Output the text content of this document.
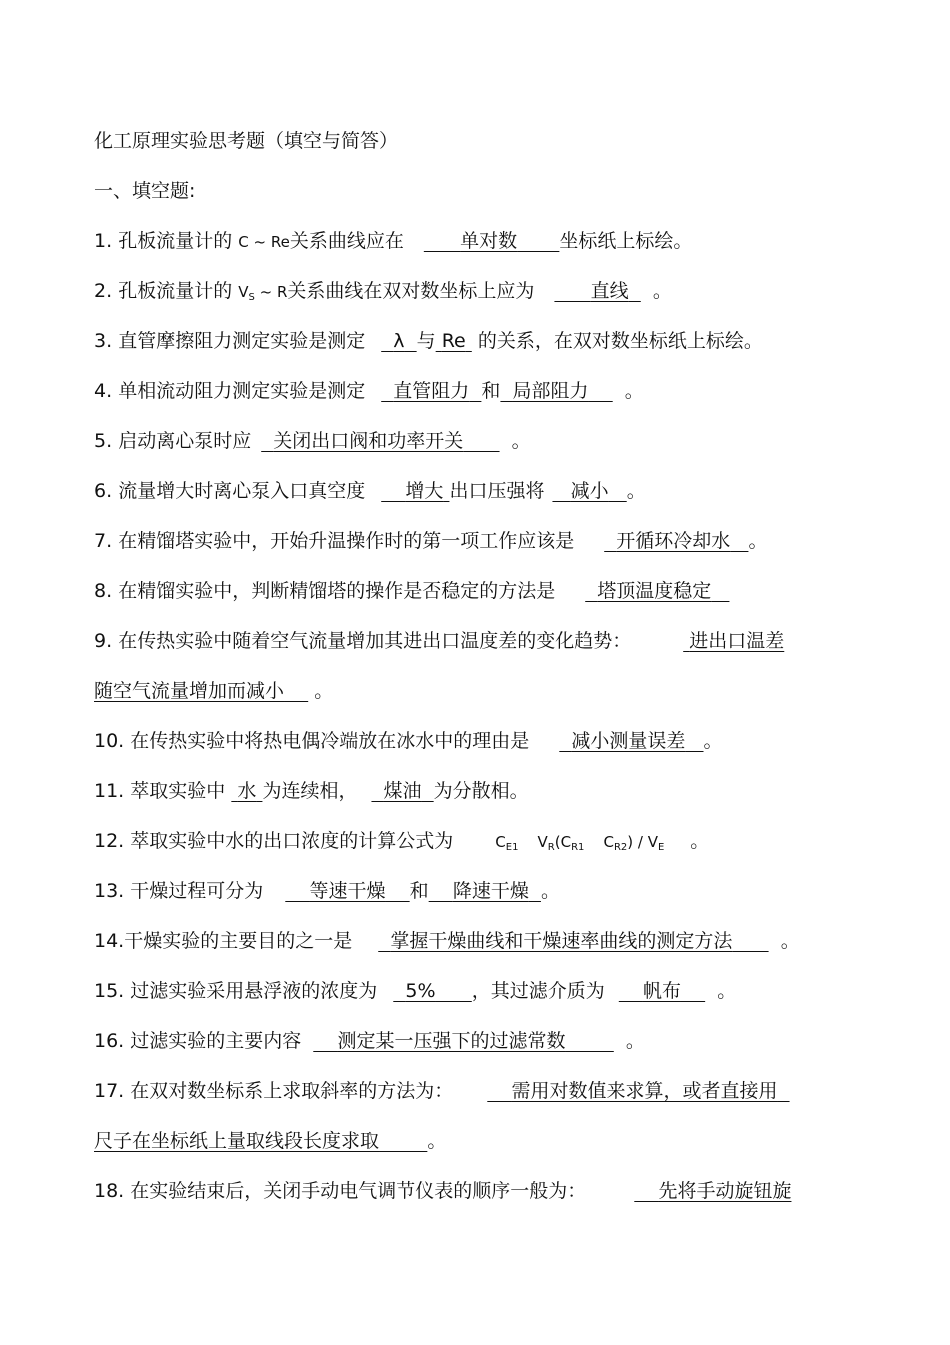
化工原理实验思考题（填空与简答）
一、填空题:
1. 孔板流量计的 C ~ Re关系曲线应在	单对数 坐标纸上标绘。
2. 孔板流量计的 $V_S$ ~ R关系曲线在双对数坐标上应为	直线 。
3. 直管摩擦阻力测定实验是测定 λ 与 Re 的关系，在双对数坐标纸上标绘。
4. 单相流动阻力测定实验是测定 直管阻力 和 局部阻力 。
5. 启动离心泵时应 关闭出口阀和功率开关	。
6. 流量增大时离心泵入口真空度 增大 出口压强将 减小 。
7. 在精馏塔实验中，开始升温操作时的第一项工作应该是 开循环冷却水 。
8. 在精馏实验中，判断精馏塔的操作是否稳定的方法是 塔顶温度稳定
9. 在传热实验中随着空气流量增加其进出口温度差的变化趋势：	进出口温差
随空气流量增加而减小 。
10. 在传热实验中将热电偶冷端放在冰水中的理由是 减小测量误差 。
11. 萃取实验中 水 为连续相， 煤油 为分散相。
12. 萃取实验中水的出口浓度的计算公式为	$C_{E1}$ $V_R(C_{R1}$ $C_{R2}) / V_E$ 。
13. 干燥过程可分为 等速干燥 和 降速干燥 。
14.干燥实验的主要目的之一是 掌握干燥曲线和干燥速率曲线的测定方法	。
15. 过滤实验采用悬浮液的浓度为 5% ，其过滤介质为 帆布 。
16. 过滤实验的主要内容 测定某一压强下的过滤常数	。
17. 在双对数坐标系上求取斜率的方法为：	需用对数值来求算，或者直接用
尺子在坐标纸上量取线段长度求取	。
18. 在实验结束后，关闭手动电气调节仪表的顺序一般为：	先将手动旋钮旋
